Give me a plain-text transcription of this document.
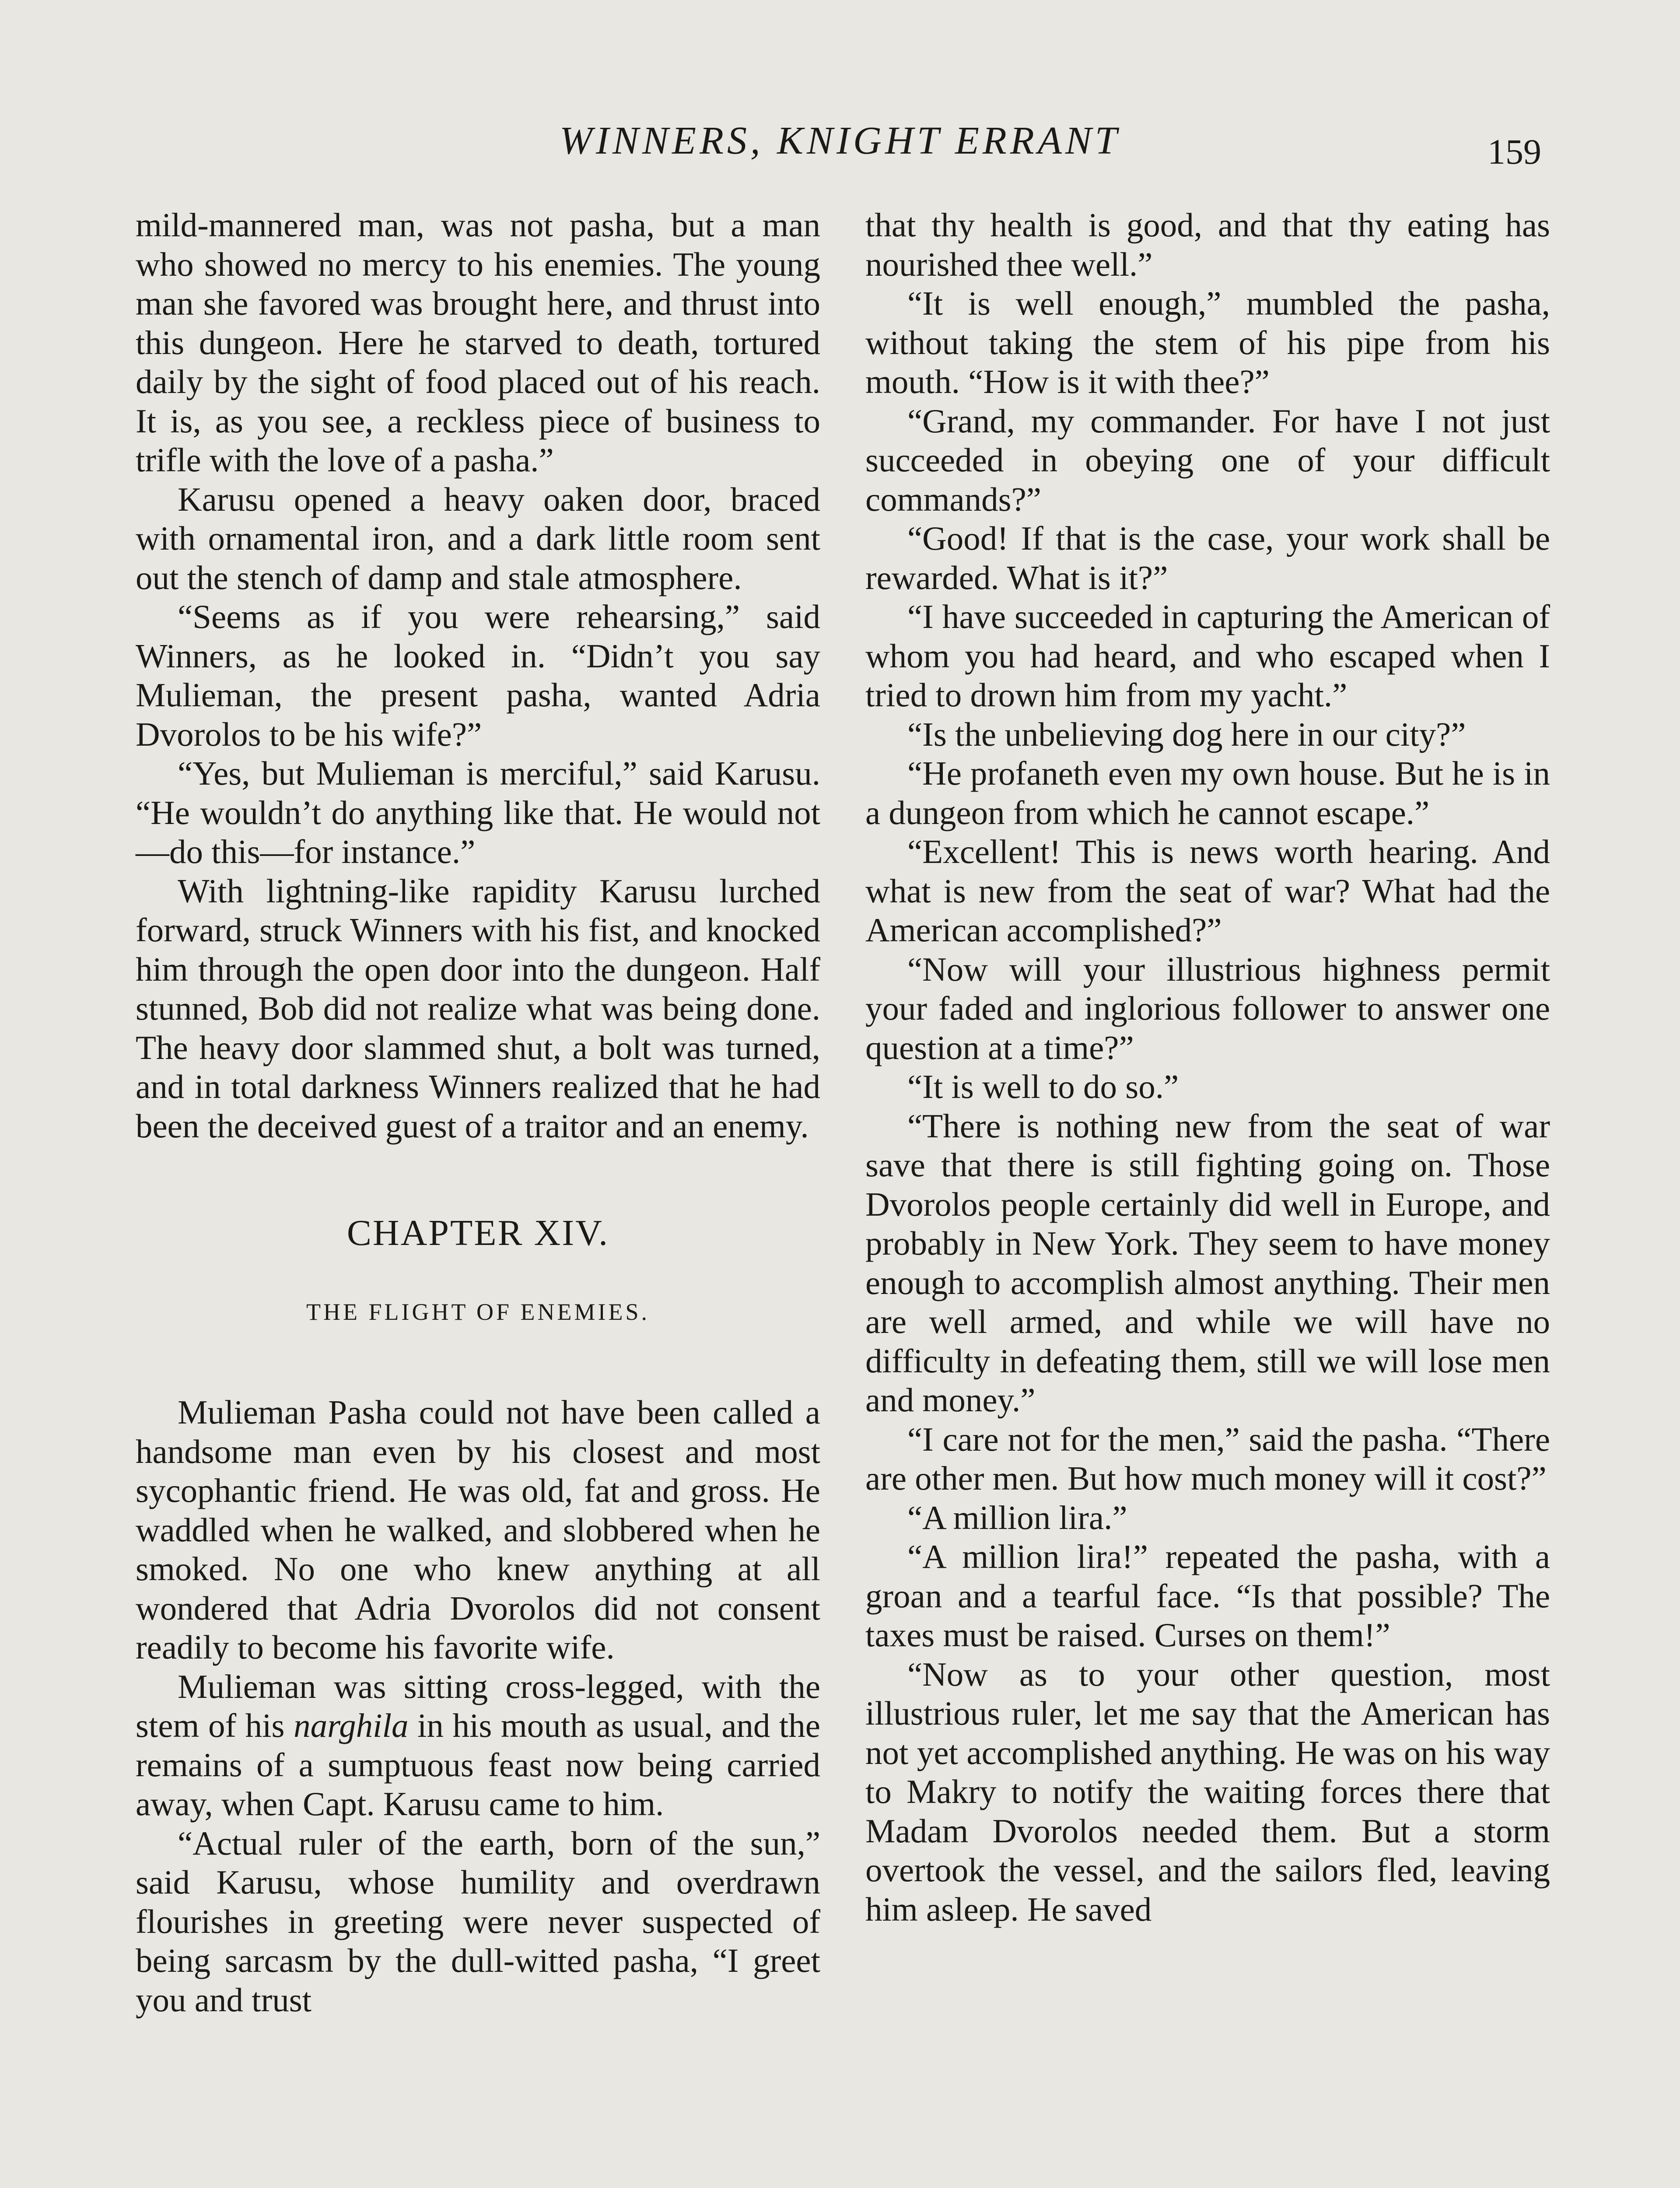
WINNERS, KNIGHT ERRANT	159

mild-mannered man, was not pasha, but a man who showed no mercy to his enemies. The young man she favored was brought here, and thrust into this dungeon. Here he starved to death, tortured daily by the sight of food placed out of his reach. It is, as you see, a reckless piece of business to trifle with the love of a pasha.”

Karusu opened a heavy oaken door, braced with ornamental iron, and a dark little room sent out the stench of damp and stale atmosphere.

“Seems as if you were rehearsing,” said Winners, as he looked in. “Didn’t you say Mulieman, the present pasha, wanted Adria Dvorolos to be his wife?”

“Yes, but Mulieman is merciful,” said Karusu. “He wouldn’t do anything like that. He would not—do this—for instance.”

With lightning-like rapidity Karusu lurched forward, struck Winners with his fist, and knocked him through the open door into the dungeon. Half stunned, Bob did not realize what was being done. The heavy door slammed shut, a bolt was turned, and in total darkness Winners realized that he had been the deceived guest of a traitor and an enemy.

CHAPTER XIV.
THE FLIGHT OF ENEMIES.

Mulieman Pasha could not have been called a handsome man even by his closest and most sycophantic friend. He was old, fat and gross. He waddled when he walked, and slobbered when he smoked. No one who knew anything at all wondered that Adria Dvorolos did not consent readily to become his favorite wife.

Mulieman was sitting cross-legged, with the stem of his narghila in his mouth as usual, and the remains of a sumptuous feast now being carried away, when Capt. Karusu came to him.

“Actual ruler of the earth, born of the sun,” said Karusu, whose humility and overdrawn flourishes in greeting were never suspected of being sarcasm by the dull-witted pasha, “I greet you and trust

that thy health is good, and that thy eating has nourished thee well.”

“It is well enough,” mumbled the pasha, without taking the stem of his pipe from his mouth. “How is it with thee?”

“Grand, my commander. For have I not just succeeded in obeying one of your difficult commands?”

“Good! If that is the case, your work shall be rewarded. What is it?”

“I have succeeded in capturing the American of whom you had heard, and who escaped when I tried to drown him from my yacht.”

“Is the unbelieving dog here in our city?”

“He profaneth even my own house. But he is in a dungeon from which he cannot escape.”

“Excellent! This is news worth hearing. And what is new from the seat of war? What had the American accomplished?”

“Now will your illustrious highness permit your faded and inglorious follower to answer one question at a time?”

“It is well to do so.”

“There is nothing new from the seat of war save that there is still fighting going on. Those Dvorolos people certainly did well in Europe, and probably in New York. They seem to have money enough to accomplish almost anything. Their men are well armed, and while we will have no difficulty in defeating them, still we will lose men and money.”

“I care not for the men,” said the pasha. “There are other men. But how much money will it cost?”

“A million lira.”

“A million lira!” repeated the pasha, with a groan and a tearful face. “Is that possible? The taxes must be raised. Curses on them!”

“Now as to your other question, most illustrious ruler, let me say that the American has not yet accomplished anything. He was on his way to Makry to notify the waiting forces there that Madam Dvorolos needed them. But a storm overtook the vessel, and the sailors fled, leaving him asleep. He saved
